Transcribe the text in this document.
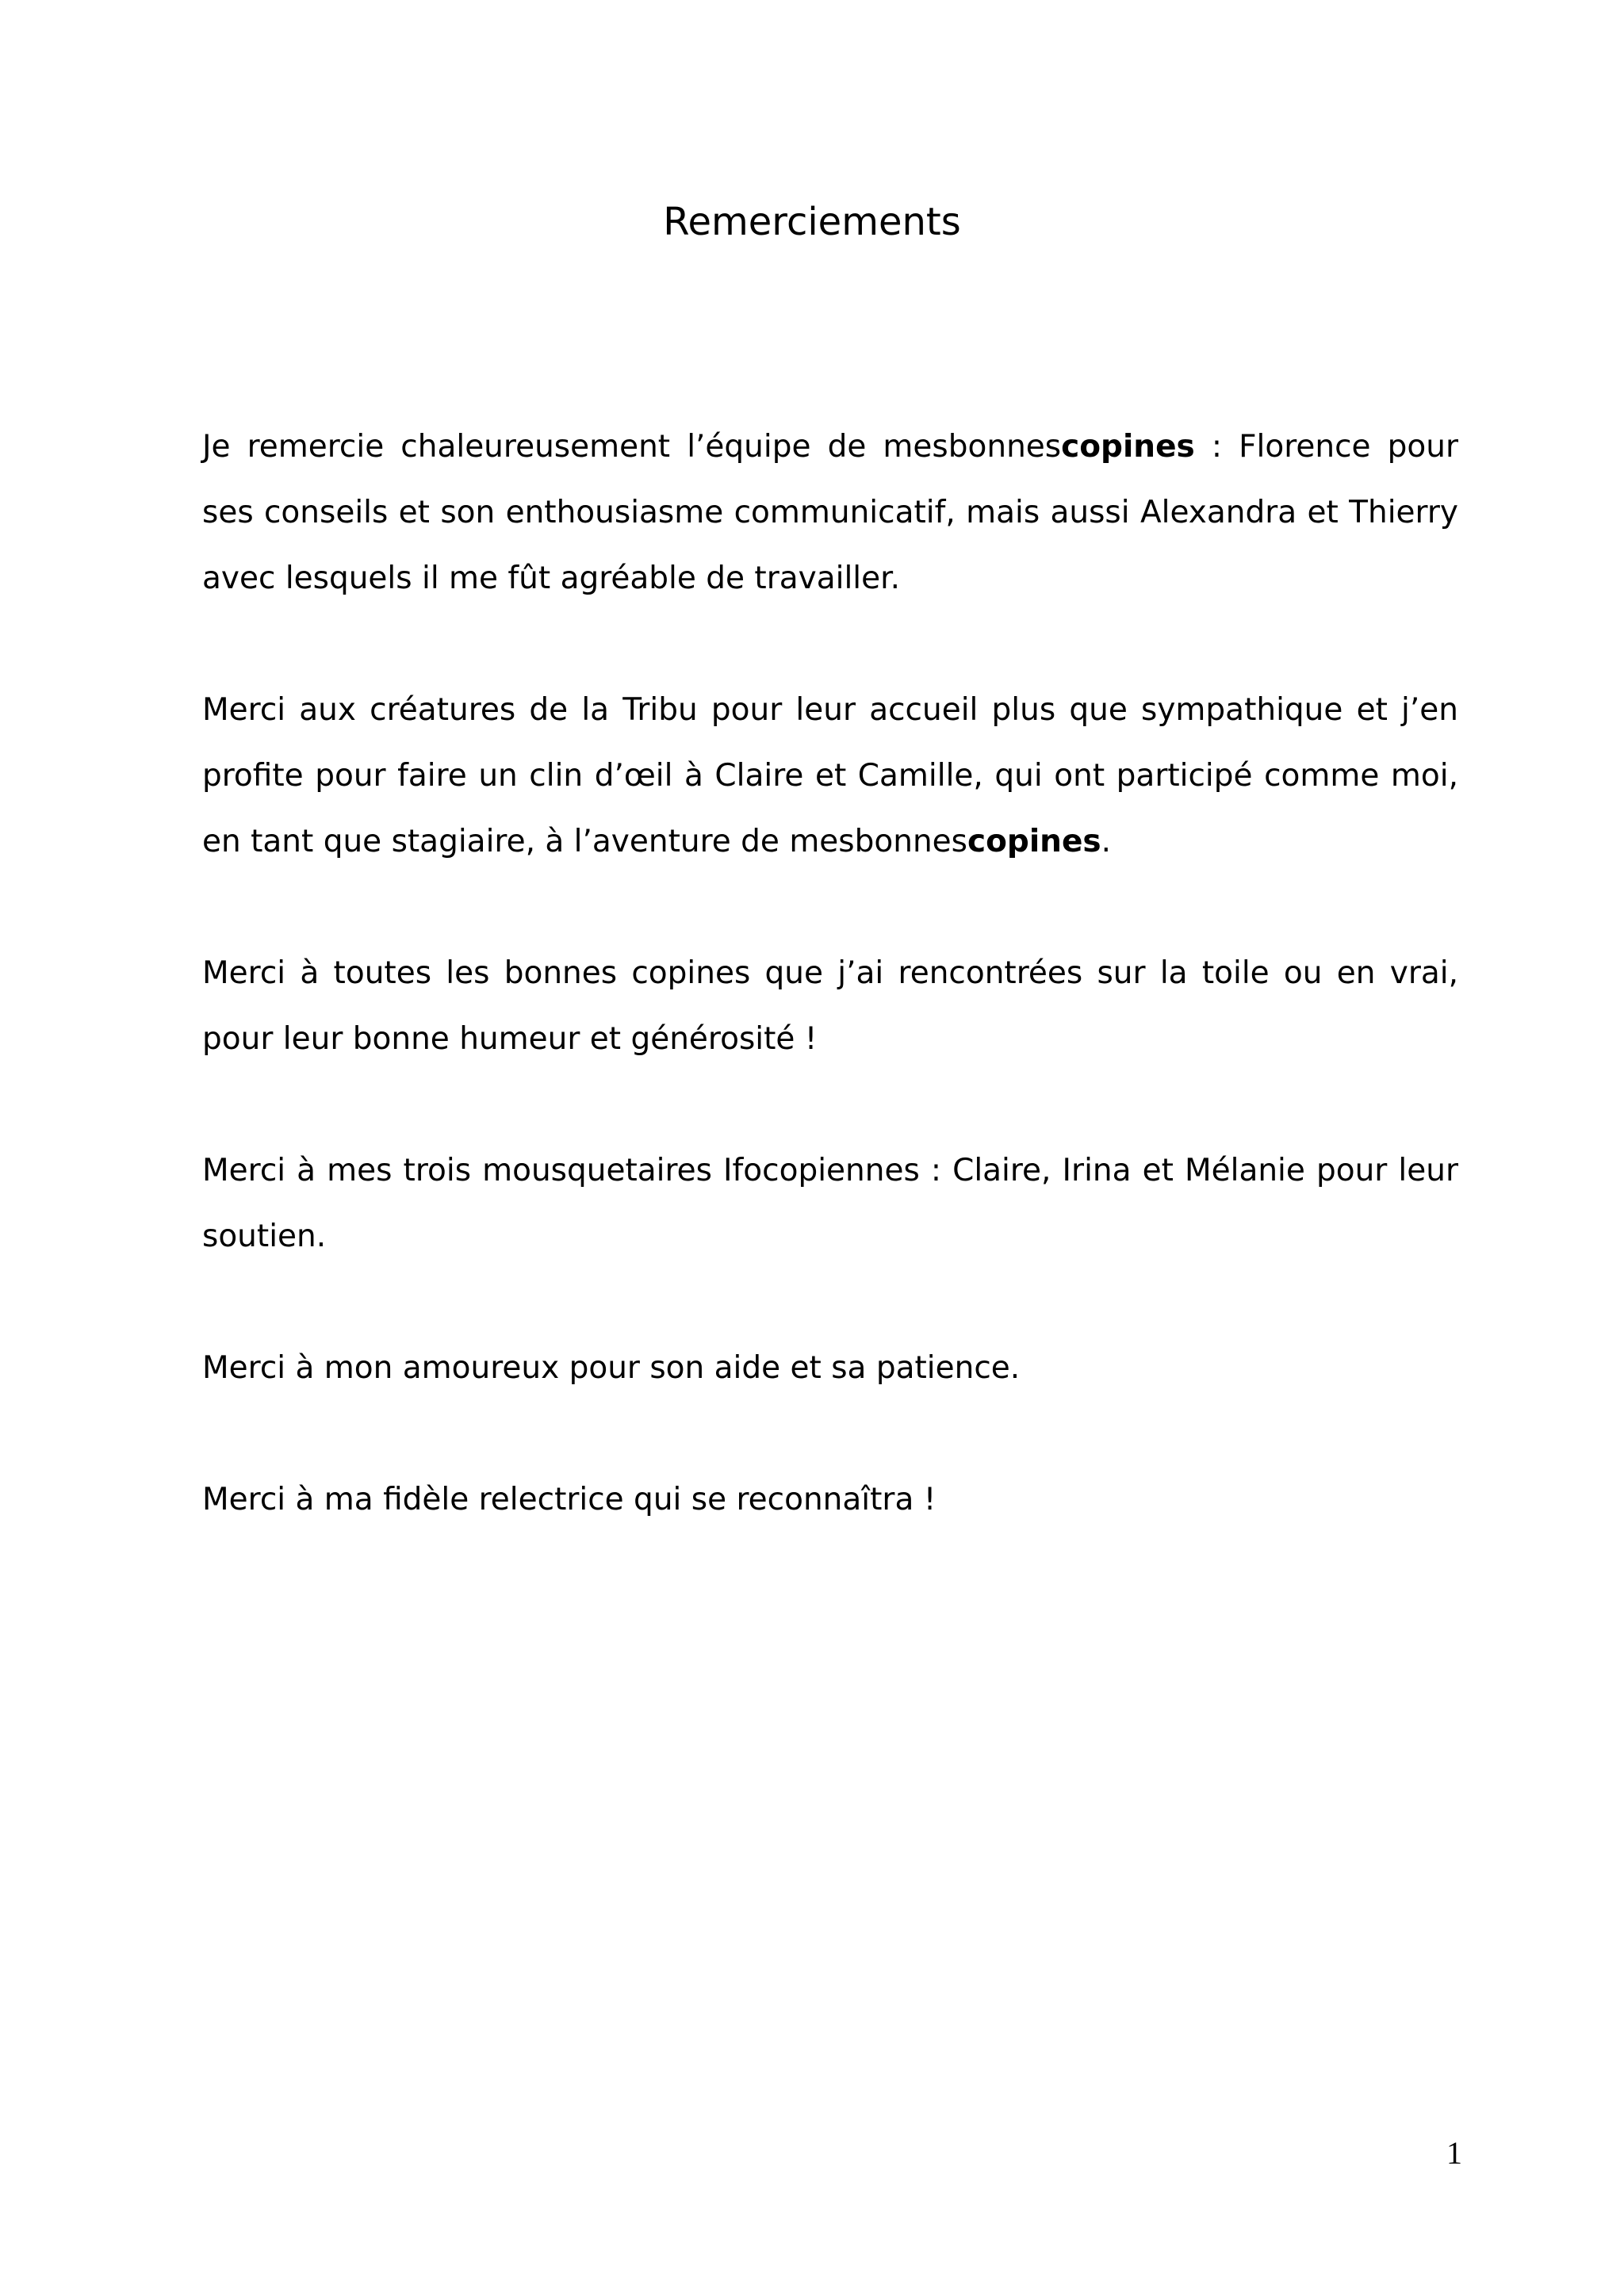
Remerciements

Je remercie chaleureusement l’équipe de mesbonnescopines : Florence pour ses conseils et son enthousiasme communicatif, mais aussi Alexandra et Thierry avec lesquels il me fût agréable de travailler.

Merci aux créatures de la Tribu pour leur accueil plus que sympathique et j’en profite pour faire un clin d’œil à Claire et Camille, qui ont participé comme moi, en tant que stagiaire, à l’aventure de mesbonnescopines.

Merci à toutes les bonnes copines que j’ai rencontrées sur la toile ou en vrai, pour leur bonne humeur et générosité !

Merci à mes trois mousquetaires Ifocopiennes : Claire, Irina et Mélanie pour leur soutien.

Merci à mon amoureux pour son aide et sa patience.

Merci à ma fidèle relectrice qui se reconnaîtra !

1
